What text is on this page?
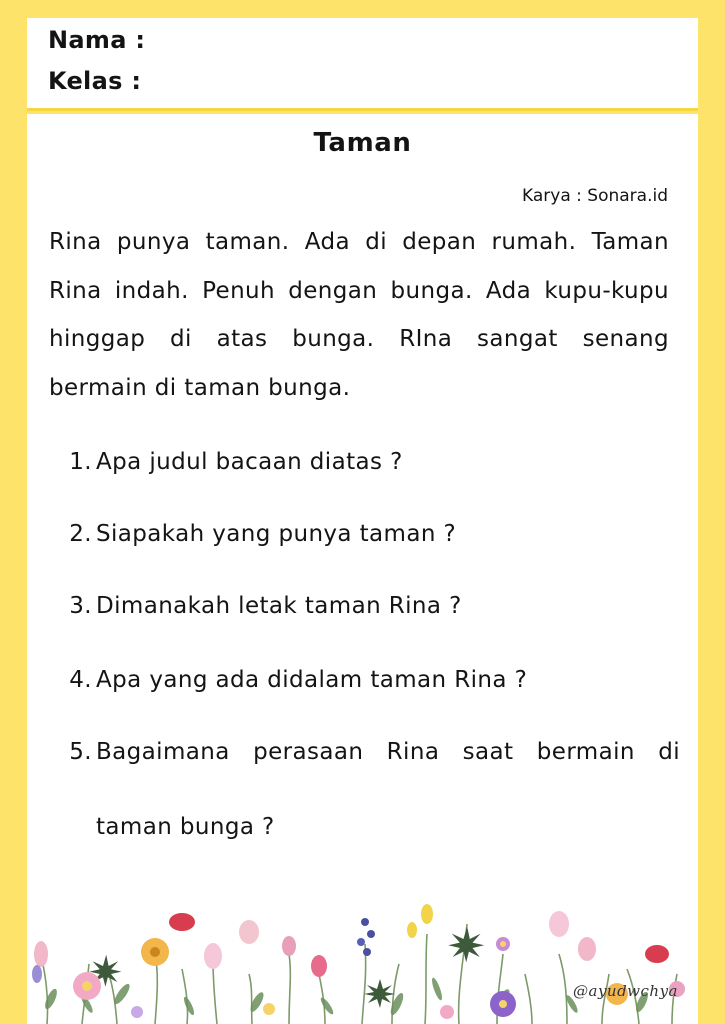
Nama :
Kelas :
Taman
Karya : Sonara.id
Rina punya taman. Ada di depan rumah. Taman Rina indah. Penuh dengan bunga. Ada kupu-kupu hinggap di atas bunga. RIna sangat senang bermain di taman bunga.
1. Apa judul bacaan diatas ?
2. Siapakah yang punya taman ?
3. Dimanakah letak taman Rina ?
4. Apa yang ada didalam taman Rina ?
5. Bagaimana perasaan Rina saat bermain di
taman bunga ?
@ayudwchya
